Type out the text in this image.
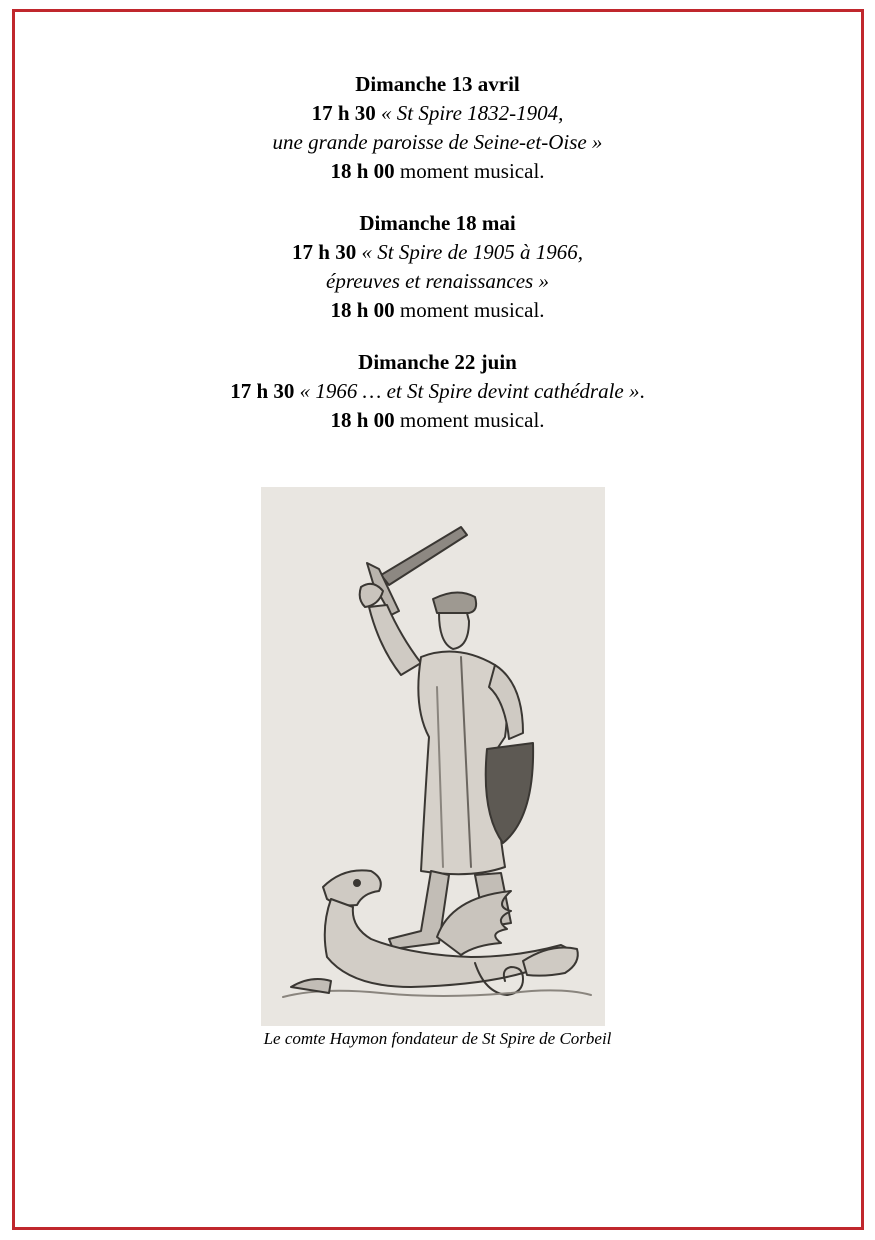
Dimanche 13 avril
17 h 30 « St Spire 1832-1904,
une grande paroisse de Seine-et-Oise »
18 h 00 moment musical.
Dimanche 18 mai
17 h 30 « St Spire de 1905 à 1966,
épreuves et renaissances »
18 h 00 moment musical.
Dimanche 22 juin
17 h 30 « 1966 … et St Spire devint cathédrale ».
18 h 00 moment musical.
Le comte Haymon fondateur de St Spire de Corbeil
